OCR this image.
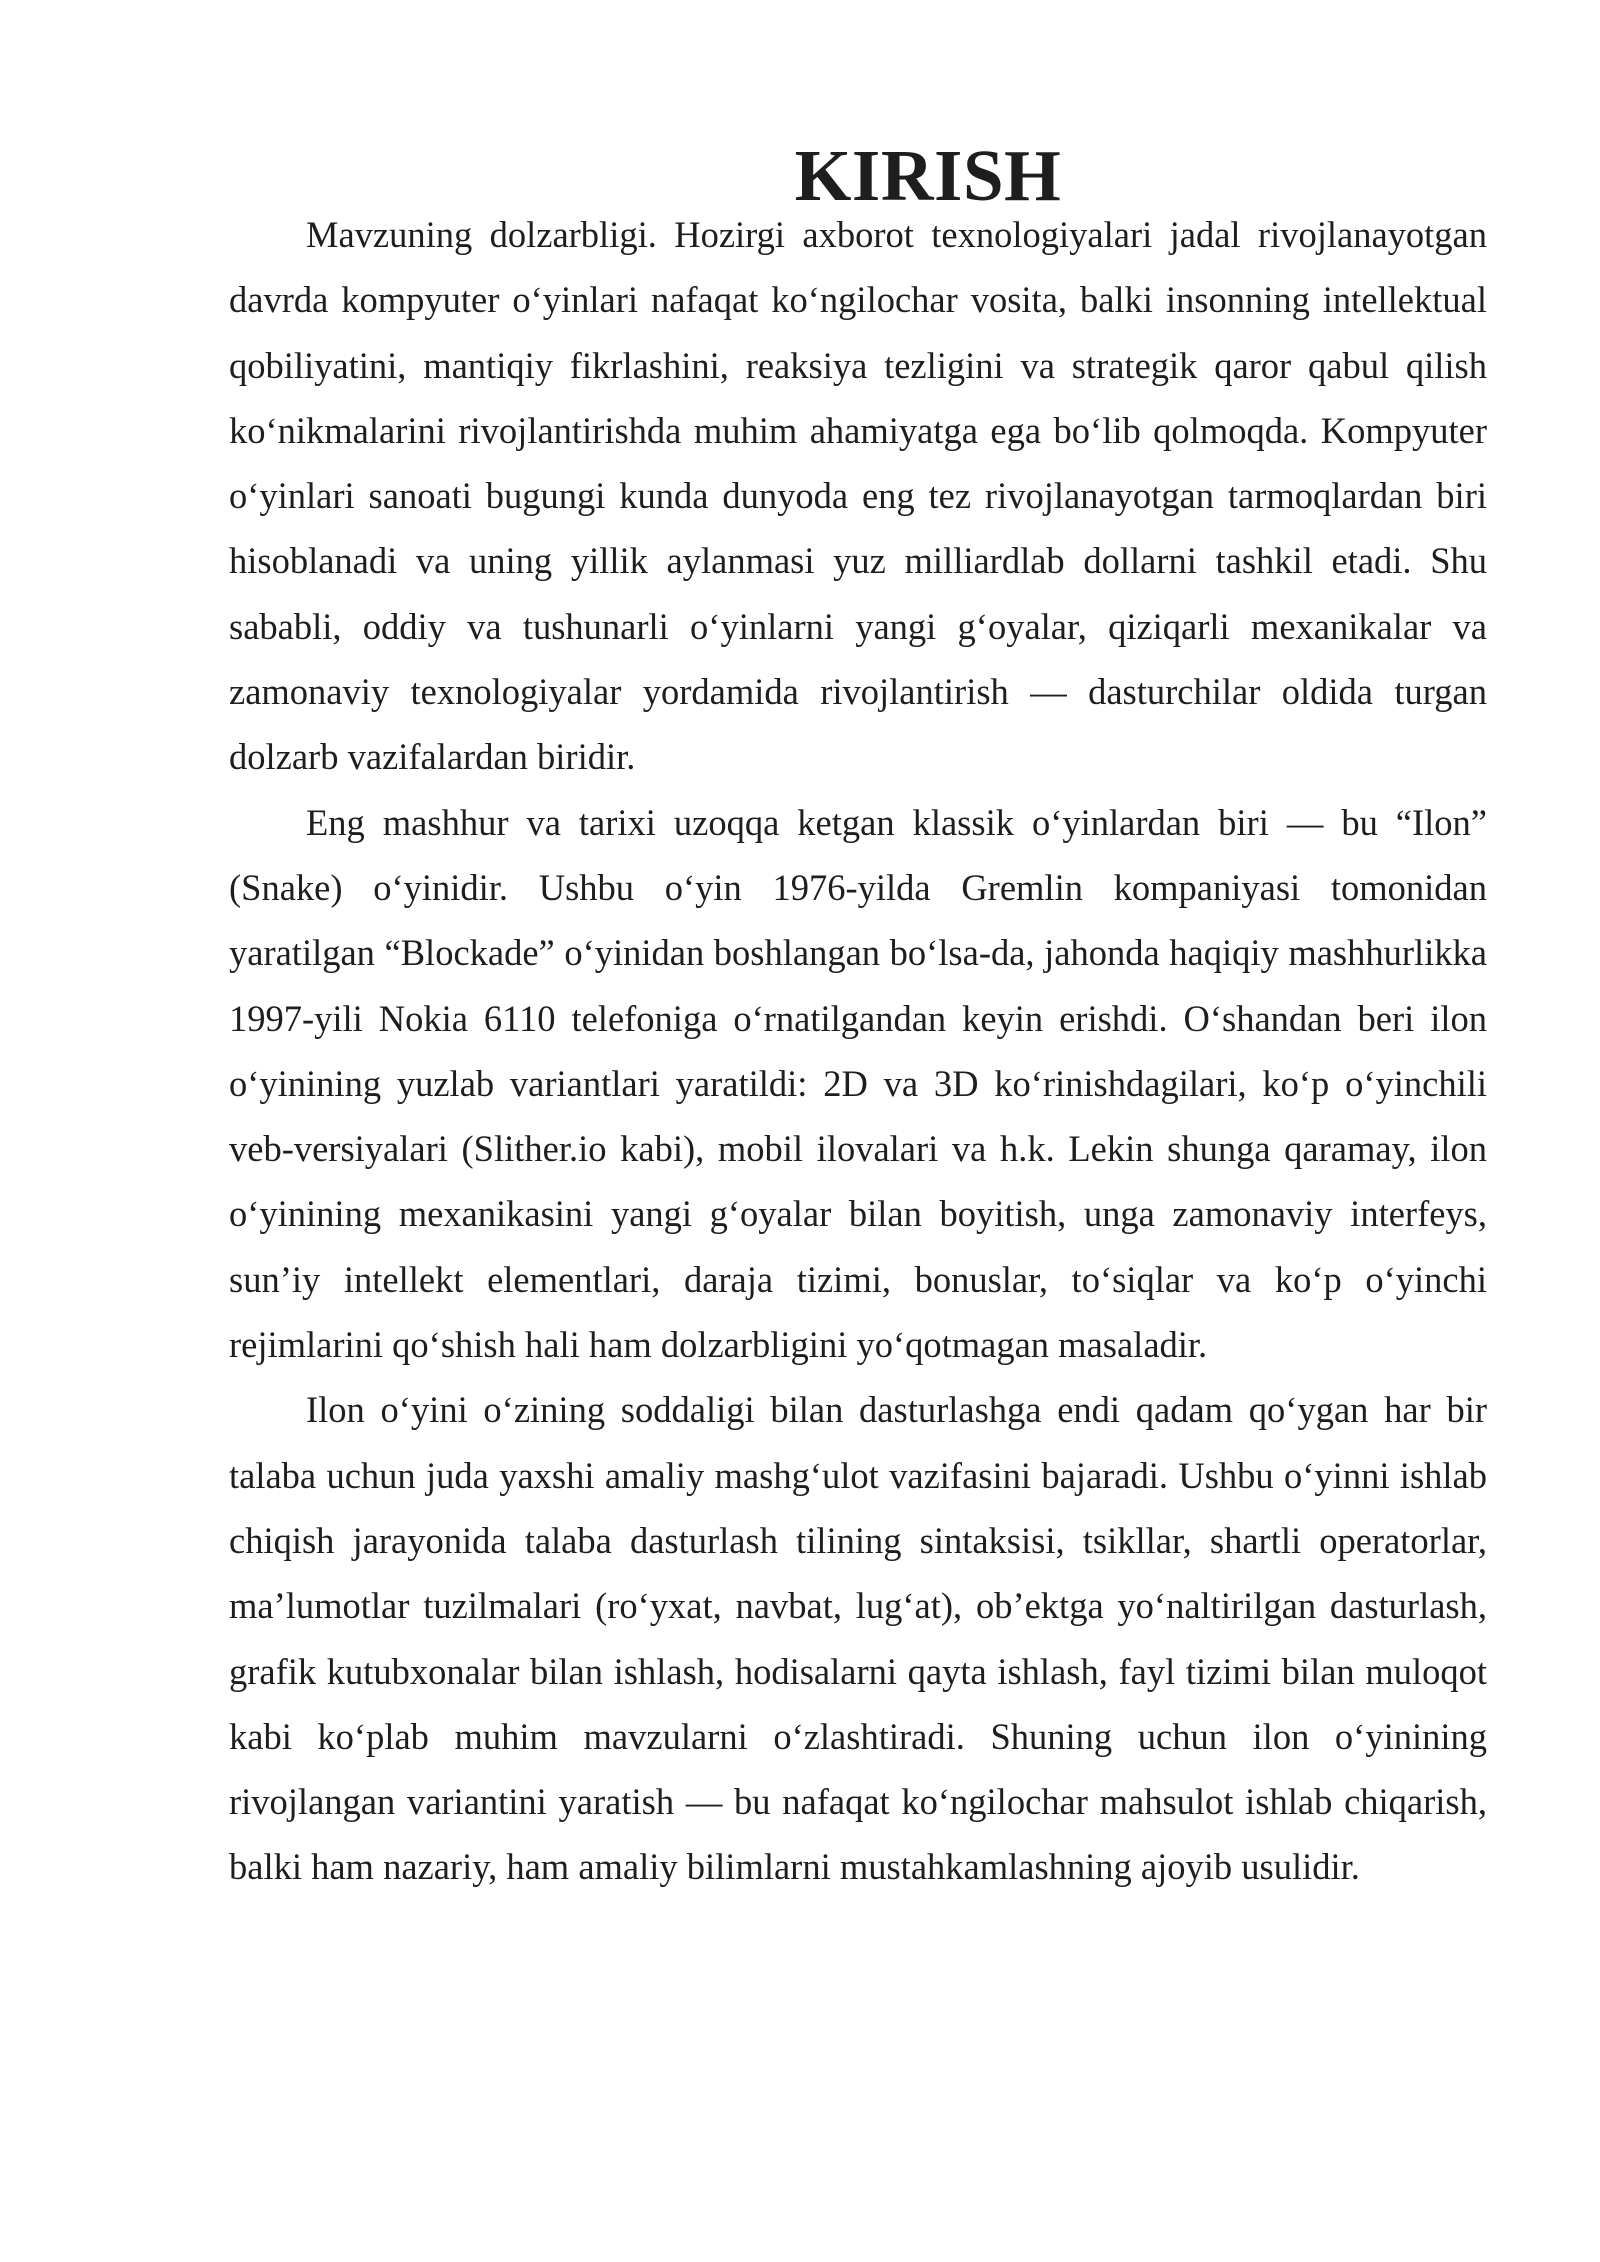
KIRISH

Mavzuning dolzarbligi. Hozirgi axborot texnologiyalari jadal rivojlanayotgan davrda kompyuter o‘yinlari nafaqat ko‘ngilochar vosita, balki insonning intellektual qobiliyatini, mantiqiy fikrlashini, reaksiya tezligini va strategik qaror qabul qilish ko‘nikmalarini rivojlantirishda muhim ahamiyatga ega bo‘lib qolmoqda. Kompyuter o‘yinlari sanoati bugungi kunda dunyoda eng tez rivojlanayotgan tarmoqlardan biri hisoblanadi va uning yillik aylanmasi yuz milliardlab dollarni tashkil etadi. Shu sababli, oddiy va tushunarli o‘yinlarni yangi g‘oyalar, qiziqarli mexanikalar va zamonaviy texnologiyalar yordamida rivojlantirish — dasturchilar oldida turgan dolzarb vazifalardan biridir.

Eng mashhur va tarixi uzoqqa ketgan klassik o‘yinlardan biri — bu “Ilon” (Snake) o‘yinidir. Ushbu o‘yin 1976-yilda Gremlin kompaniyasi tomonidan yaratilgan “Blockade” o‘yinidan boshlangan bo‘lsa-da, jahonda haqiqiy mashhurlikka 1997-yili Nokia 6110 telefoniga o‘rnatilgandan keyin erishdi. O‘shandan beri ilon o‘yinining yuzlab variantlari yaratildi: 2D va 3D ko‘rinishdagilari, ko‘p o‘yinchili veb-versiyalari (Slither.io kabi), mobil ilovalari va h.k. Lekin shunga qaramay, ilon o‘yinining mexanikasini yangi g‘oyalar bilan boyitish, unga zamonaviy interfeys, sun’iy intellekt elementlari, daraja tizimi, bonuslar, to‘siqlar va ko‘p o‘yinchi rejimlarini qo‘shish hali ham dolzarbligini yo‘qotmagan masaladir.

Ilon o‘yini o‘zining soddaligi bilan dasturlashga endi qadam qo‘ygan har bir talaba uchun juda yaxshi amaliy mashg‘ulot vazifasini bajaradi. Ushbu o‘yinni ishlab chiqish jarayonida talaba dasturlash tilining sintaksisi, tsikllar, shartli operatorlar, ma’lumotlar tuzilmalari (ro‘yxat, navbat, lug‘at), ob’ektga yo‘naltirilgan dasturlash, grafik kutubxonalar bilan ishlash, hodisalarni qayta ishlash, fayl tizimi bilan muloqot kabi ko‘plab muhim mavzularni o‘zlashtiradi. Shuning uchun ilon o‘yinining rivojlangan variantini yaratish — bu nafaqat ko‘ngilochar mahsulot ishlab chiqarish, balki ham nazariy, ham amaliy bilimlarni mustahkamlashning ajoyib usulidir.
